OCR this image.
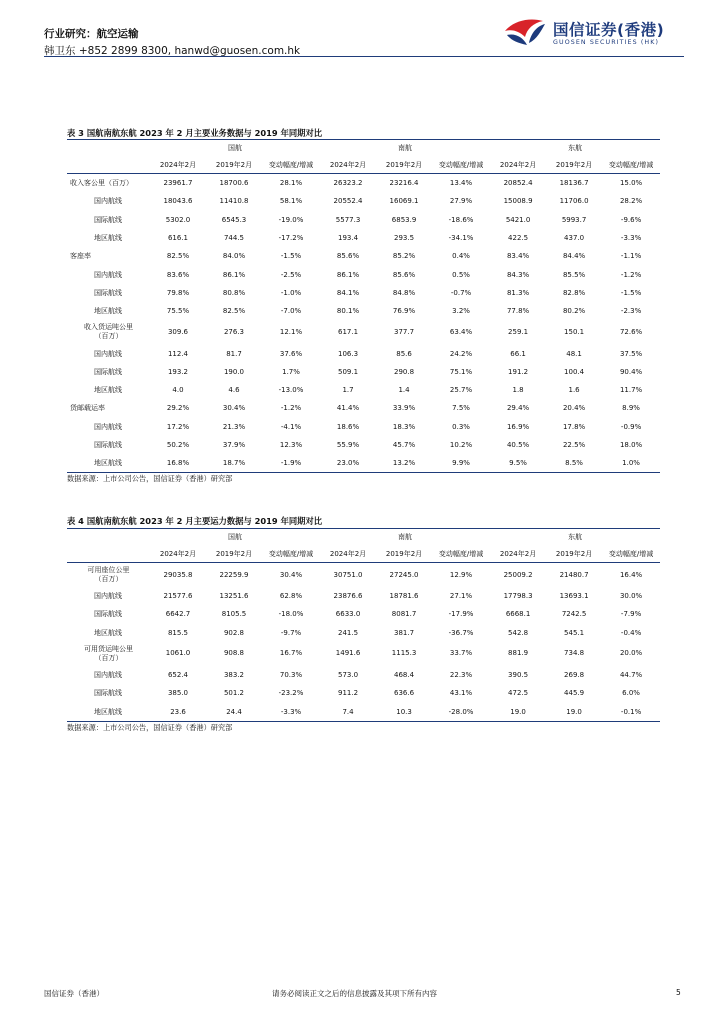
行业研究：航空运输
韩卫东 +852 2899 8300, hanwd@guosen.com.hk
国信证券(香港)
GUOSEN SECURITIES (HK)
表 3 国航南航东航 2023 年 2 月主要业务数据与 2019 年同期对比
	国航			南航			东航		
	2024年2月	2019年2月	变动幅度/增减	2024年2月	2019年2月	变动幅度/增减	2024年2月	2019年2月	变动幅度/增减
收入客公里（百万）	23961.7	18700.6	28.1%	26323.2	23216.4	13.4%	20852.4	18136.7	15.0%
国内航线	18043.6	11410.8	58.1%	20552.4	16069.1	27.9%	15008.9	11706.0	28.2%
国际航线	5302.0	6545.3	-19.0%	5577.3	6853.9	-18.6%	5421.0	5993.7	-9.6%
地区航线	616.1	744.5	-17.2%	193.4	293.5	-34.1%	422.5	437.0	-3.3%
客座率	82.5%	84.0%	-1.5%	85.6%	85.2%	0.4%	83.4%	84.4%	-1.1%
国内航线	83.6%	86.1%	-2.5%	86.1%	85.6%	0.5%	84.3%	85.5%	-1.2%
国际航线	79.8%	80.8%	-1.0%	84.1%	84.8%	-0.7%	81.3%	82.8%	-1.5%
地区航线	75.5%	82.5%	-7.0%	80.1%	76.9%	3.2%	77.8%	80.2%	-2.3%
收入货运吨公里
（百万）	309.6	276.3	12.1%	617.1	377.7	63.4%	259.1	150.1	72.6%
国内航线	112.4	81.7	37.6%	106.3	85.6	24.2%	66.1	48.1	37.5%
国际航线	193.2	190.0	1.7%	509.1	290.8	75.1%	191.2	100.4	90.4%
地区航线	4.0	4.6	-13.0%	1.7	1.4	25.7%	1.8	1.6	11.7%
货邮载运率	29.2%	30.4%	-1.2%	41.4%	33.9%	7.5%	29.4%	20.4%	8.9%
国内航线	17.2%	21.3%	-4.1%	18.6%	18.3%	0.3%	16.9%	17.8%	-0.9%
国际航线	50.2%	37.9%	12.3%	55.9%	45.7%	10.2%	40.5%	22.5%	18.0%
地区航线	16.8%	18.7%	-1.9%	23.0%	13.2%	9.9%	9.5%	8.5%	1.0%
数据来源：上市公司公告，国信证券（香港）研究部
表 4 国航南航东航 2023 年 2 月主要运力数据与 2019 年同期对比
	国航			南航			东航		
	2024年2月	2019年2月	变动幅度/增减	2024年2月	2019年2月	变动幅度/增减	2024年2月	2019年2月	变动幅度/增减
可用座位公里
（百万）	29035.8	22259.9	30.4%	30751.0	27245.0	12.9%	25009.2	21480.7	16.4%
国内航线	21577.6	13251.6	62.8%	23876.6	18781.6	27.1%	17798.3	13693.1	30.0%
国际航线	6642.7	8105.5	-18.0%	6633.0	8081.7	-17.9%	6668.1	7242.5	-7.9%
地区航线	815.5	902.8	-9.7%	241.5	381.7	-36.7%	542.8	545.1	-0.4%
可用货运吨公里
（百万）	1061.0	908.8	16.7%	1491.6	1115.3	33.7%	881.9	734.8	20.0%
国内航线	652.4	383.2	70.3%	573.0	468.4	22.3%	390.5	269.8	44.7%
国际航线	385.0	501.2	-23.2%	911.2	636.6	43.1%	472.5	445.9	6.0%
地区航线	23.6	24.4	-3.3%	7.4	10.3	-28.0%	19.0	19.0	-0.1%
数据来源：上市公司公告，国信证券（香港）研究部
国信证券（香港）	请务必阅读正文之后的信息披露及其项下所有内容	5
